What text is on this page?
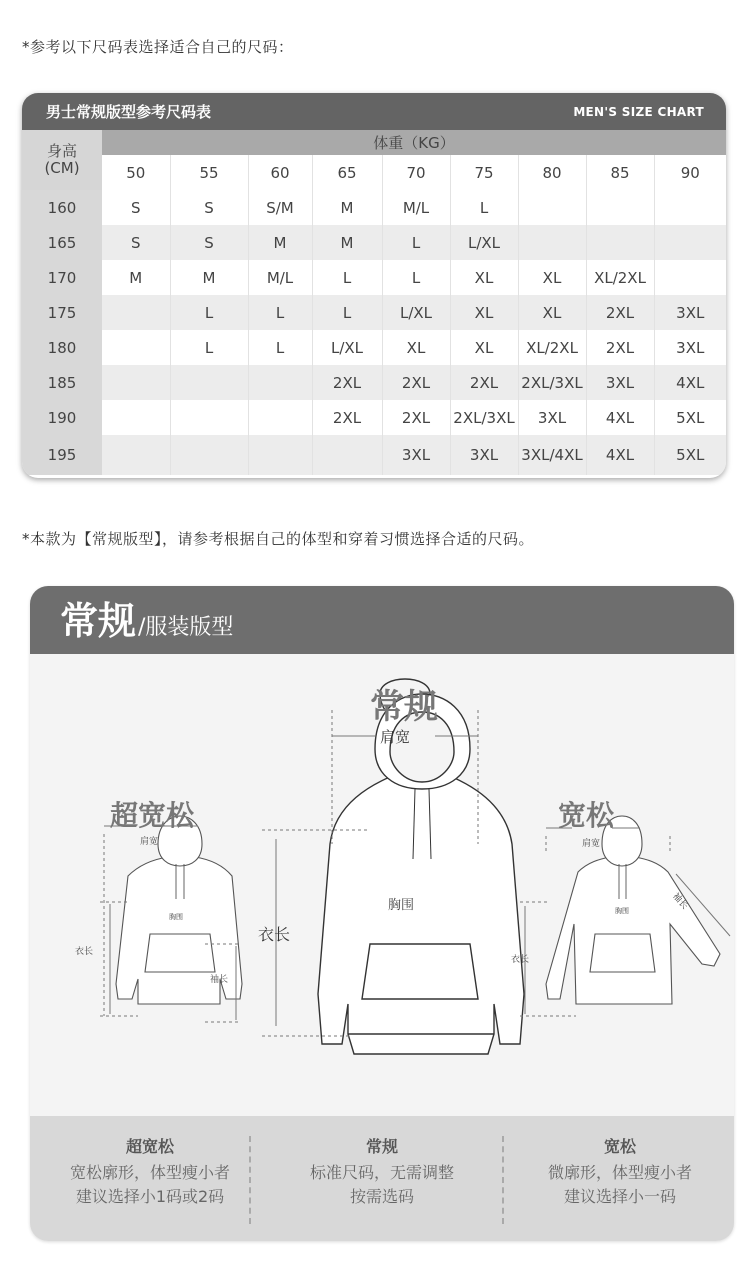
*参考以下尺码表选择适合自己的尺码：
男士常规版型参考尺码表	MEN'S SIZE CHART
身高
(CM)	体重（KG）								
	50	55	60	65	70	75	80	85	90
160	S	S	S/M	M	M/L	L			
165	S	S	M	M	L	L/XL			
170	M	M	M/L	L	L	XL	XL	XL/2XL	
175		L	L	L	L/XL	XL	XL	2XL	3XL
180		L	L	L/XL	XL	XL	XL/2XL	2XL	3XL
185				2XL	2XL	2XL	2XL/3XL	3XL	4XL
190				2XL	2XL	2XL/3XL	3XL	4XL	5XL
195					3XL	3XL	3XL/4XL	4XL	5XL
*本款为【常规版型】，请参考根据自己的体型和穿着习惯选择合适的尺码。
常规 /服装版型
常规
肩宽
胸围
衣长
超宽松
肩宽
胸围
衣长
袖长
宽松
肩宽
胸围
衣长
袖长
超宽松
宽松廓形，体型瘦小者
建议选择小1码或2码
常规
标准尺码，无需调整
按需选码
宽松
微廓形，体型瘦小者
建议选择小一码
